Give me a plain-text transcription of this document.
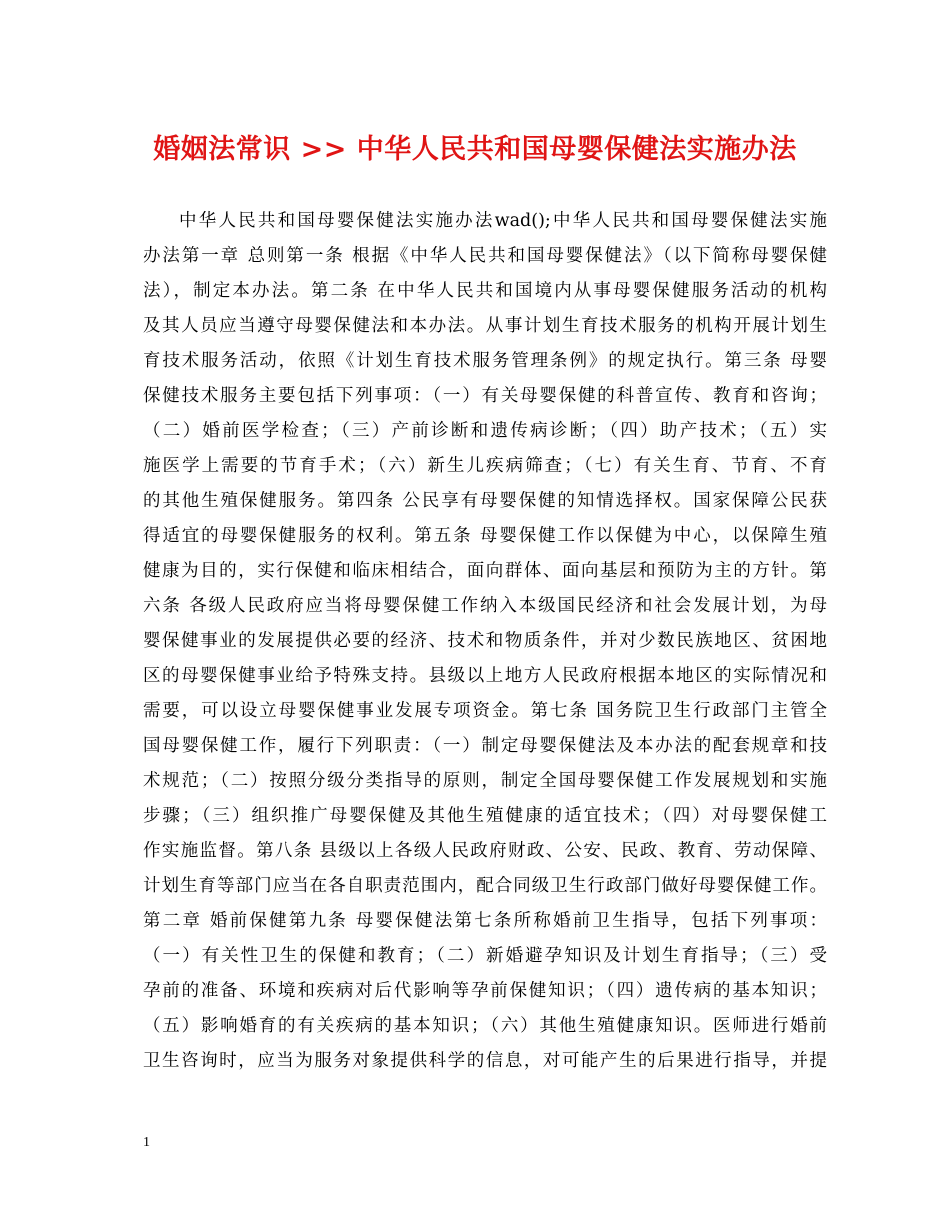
婚姻法常识 >> 中华人民共和国母婴保健法实施办法
中华人民共和国母婴保健法实施办法wad();中华人民共和国母婴保健法实施
办法第一章 总则第一条 根据《中华人民共和国母婴保健法》（以下简称母婴保健
法），制定本办法。第二条 在中华人民共和国境内从事母婴保健服务活动的机构
及其人员应当遵守母婴保健法和本办法。从事计划生育技术服务的机构开展计划生
育技术服务活动，依照《计划生育技术服务管理条例》的规定执行。第三条 母婴
保健技术服务主要包括下列事项：（一）有关母婴保健的科普宣传、教育和咨询；
（二）婚前医学检查；（三）产前诊断和遗传病诊断；（四）助产技术；（五）实
施医学上需要的节育手术；（六）新生儿疾病筛查；（七）有关生育、节育、不育
的其他生殖保健服务。第四条 公民享有母婴保健的知情选择权。国家保障公民获
得适宜的母婴保健服务的权利。第五条 母婴保健工作以保健为中心，以保障生殖
健康为目的，实行保健和临床相结合，面向群体、面向基层和预防为主的方针。第
六条 各级人民政府应当将母婴保健工作纳入本级国民经济和社会发展计划，为母
婴保健事业的发展提供必要的经济、技术和物质条件，并对少数民族地区、贫困地
区的母婴保健事业给予特殊支持。县级以上地方人民政府根据本地区的实际情况和
需要，可以设立母婴保健事业发展专项资金。第七条 国务院卫生行政部门主管全
国母婴保健工作，履行下列职责：（一）制定母婴保健法及本办法的配套规章和技
术规范；（二）按照分级分类指导的原则，制定全国母婴保健工作发展规划和实施
步骤；（三）组织推广母婴保健及其他生殖健康的适宜技术；（四）对母婴保健工
作实施监督。第八条 县级以上各级人民政府财政、公安、民政、教育、劳动保障、
计划生育等部门应当在各自职责范围内，配合同级卫生行政部门做好母婴保健工作。
第二章 婚前保健第九条 母婴保健法第七条所称婚前卫生指导，包括下列事项：
（一）有关性卫生的保健和教育；（二）新婚避孕知识及计划生育指导；（三）受
孕前的准备、环境和疾病对后代影响等孕前保健知识；（四）遗传病的基本知识；
（五）影响婚育的有关疾病的基本知识；（六）其他生殖健康知识。医师进行婚前
卫生咨询时，应当为服务对象提供科学的信息，对可能产生的后果进行指导，并提
1
